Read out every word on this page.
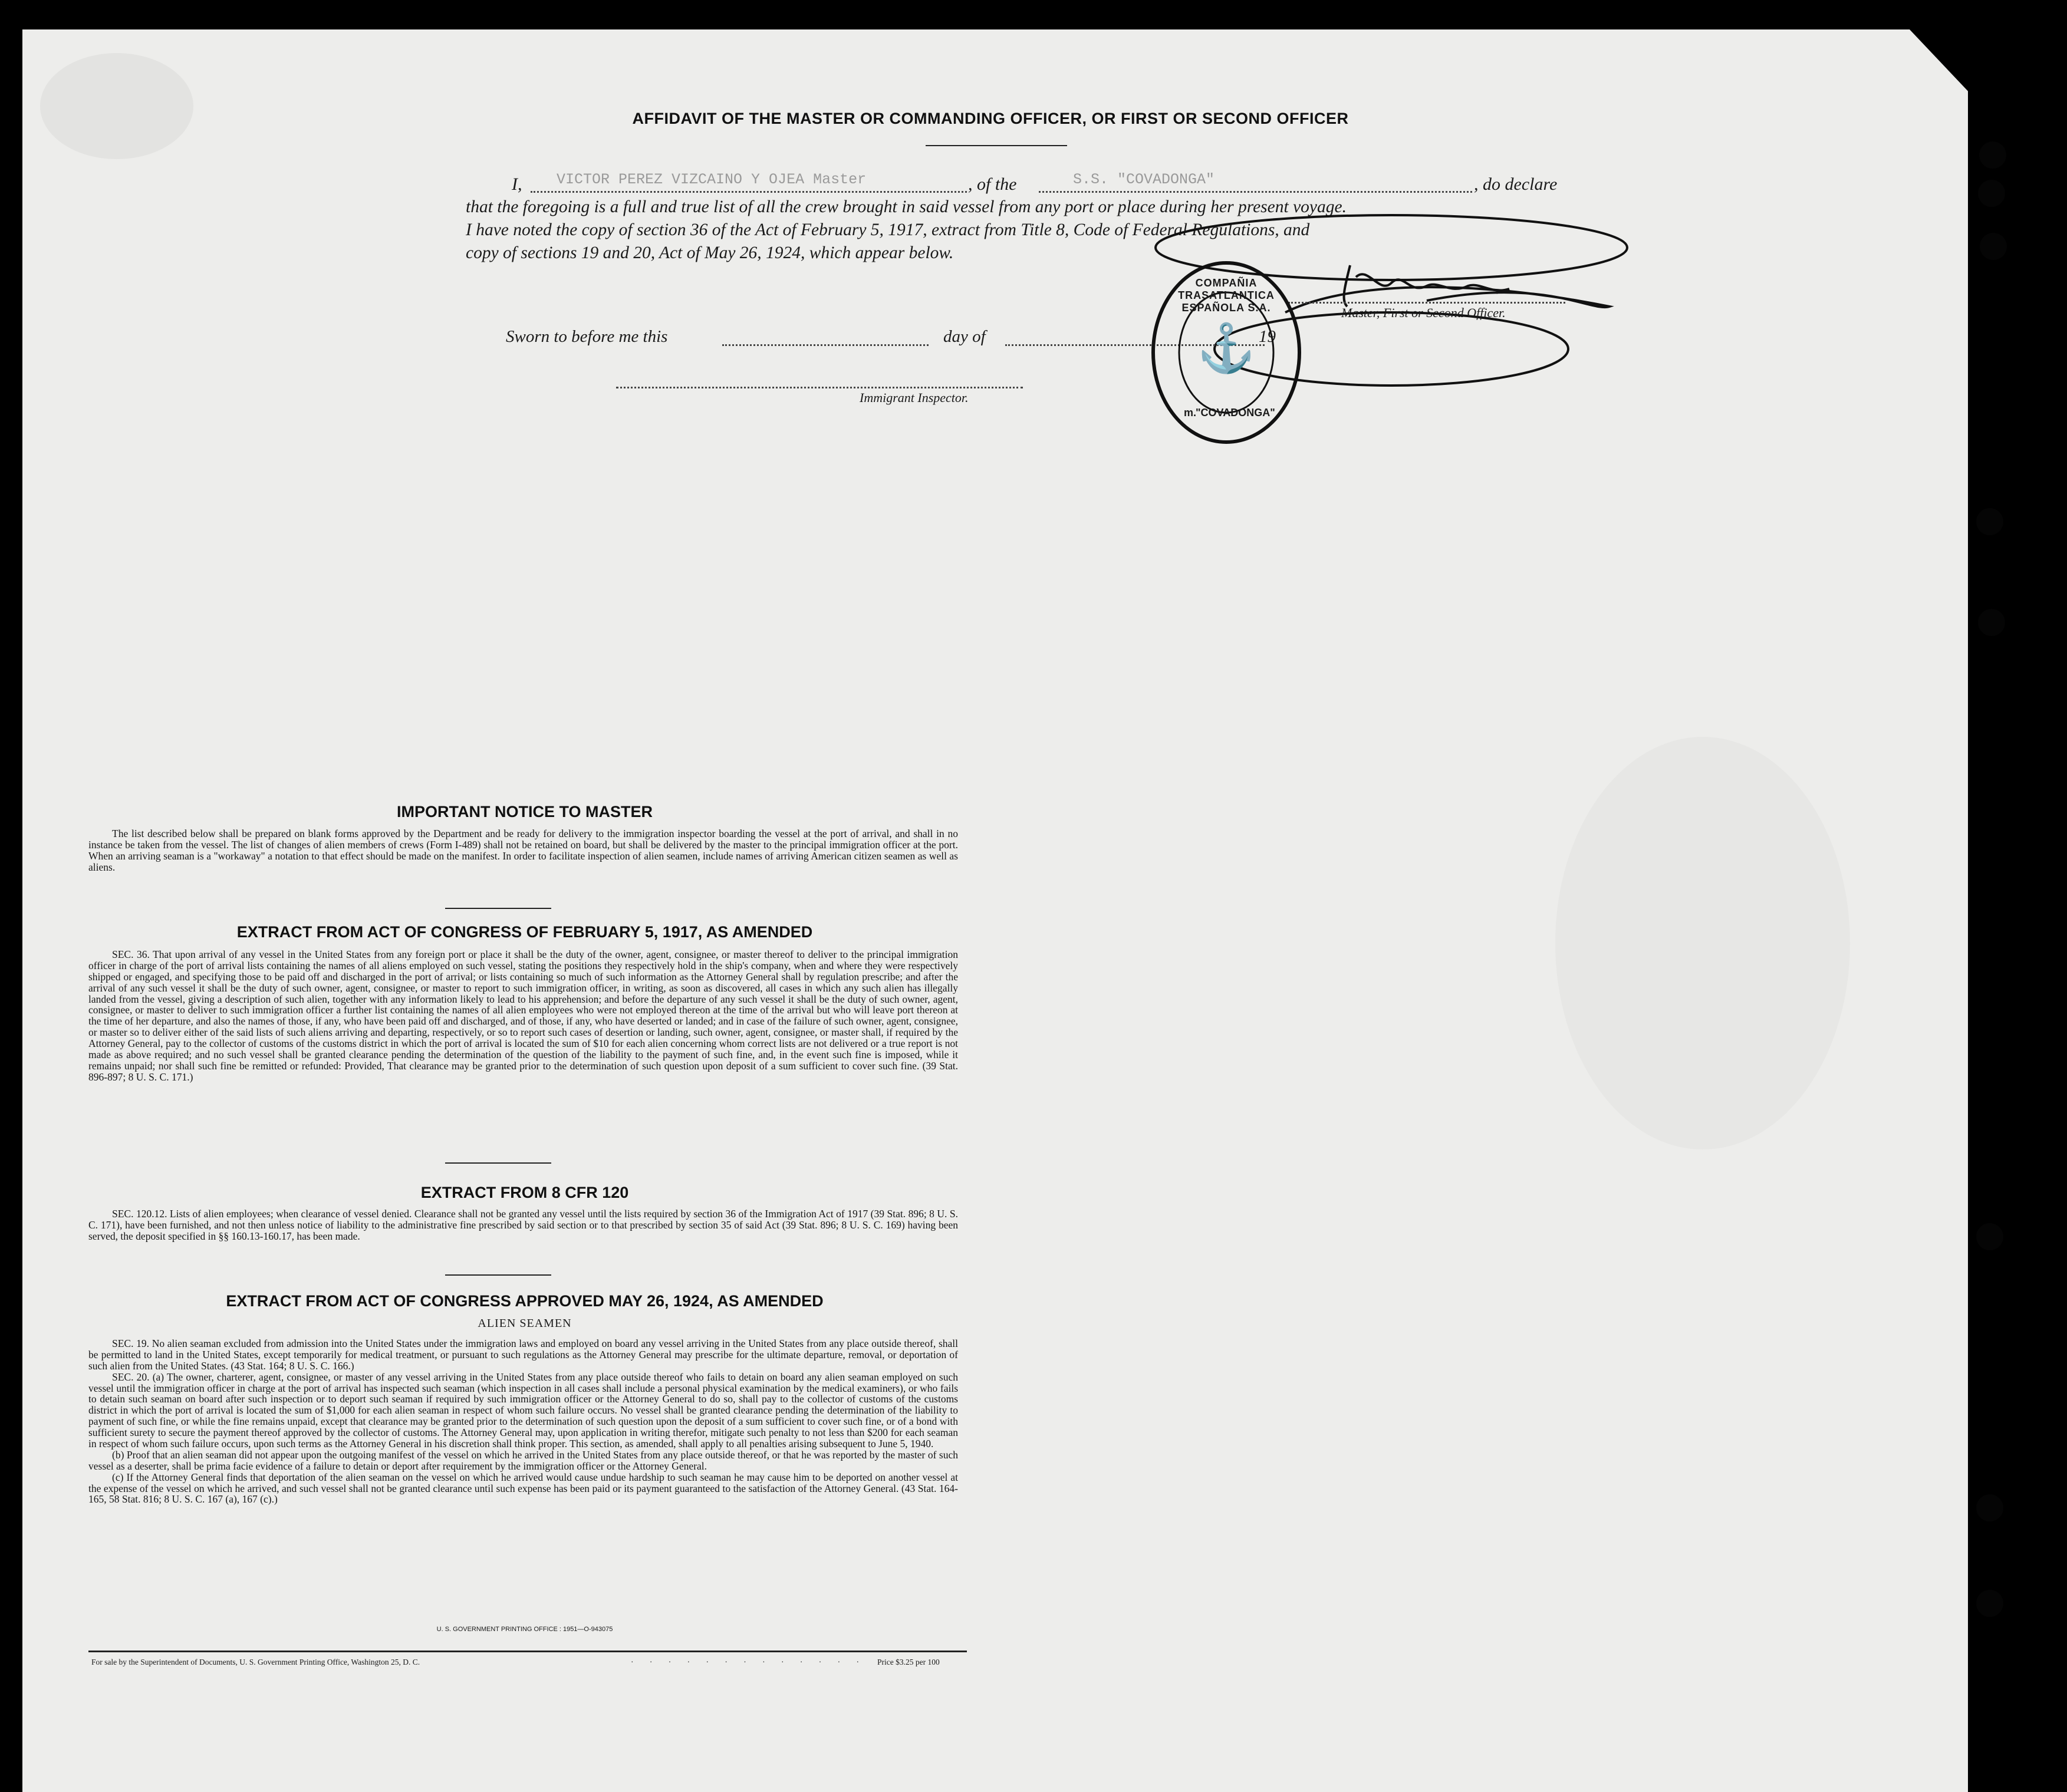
AFFIDAVIT OF THE MASTER OR COMMANDING OFFICER, OR FIRST OR SECOND OFFICER
I, VICTOR PEREZ VIZCAINO Y OJEA Master	, of the	S.S. "COVADONGA"	, do declare
that the foregoing is a full and true list of all the crew brought in said vessel from any port or place during her present voyage.
I have noted the copy of section 36 of the Act of February 5, 1917, extract from Title 8, Code of Federal Regulations, and
copy of sections 19 and 20, Act of May 26, 1924, which appear below.
Master, First or Second Officer.
Sworn to before me this	day of	19
Immigrant Inspector.
COMPAÑIA TRASATLANTICA ESPAÑOLA S.A.
⚓
m.
"COVADONGA"
IMPORTANT NOTICE TO MASTER

The list described below shall be prepared on blank forms approved by the Department and be ready for delivery to the immigration inspector boarding the vessel at the port of arrival, and shall in no instance be taken from the vessel. The list of changes of alien members of crews (Form I-489) shall not be retained on board, but shall be delivered by the master to the principal immigration officer at the port. When an arriving seaman is a "workaway" a notation to that effect should be made on the manifest. In order to facilitate inspection of alien seamen, include names of arriving American citizen seamen as well as aliens.

EXTRACT FROM ACT OF CONGRESS OF FEBRUARY 5, 1917, AS AMENDED

SEC. 36. That upon arrival of any vessel in the United States from any foreign port or place it shall be the duty of the owner, agent, consignee, or master thereof to deliver to the principal immigration officer in charge of the port of arrival lists containing the names of all aliens employed on such vessel, stating the positions they respectively hold in the ship's company, when and where they were respectively shipped or engaged, and specifying those to be paid off and discharged in the port of arrival; or lists containing so much of such information as the Attorney General shall by regulation prescribe; and after the arrival of any such vessel it shall be the duty of such owner, agent, consignee, or master to report to such immigration officer, in writing, as soon as discovered, all cases in which any such alien has illegally landed from the vessel, giving a description of such alien, together with any information likely to lead to his apprehension; and before the departure of any such vessel it shall be the duty of such owner, agent, consignee, or master to deliver to such immigration officer a further list containing the names of all alien employees who were not employed thereon at the time of the arrival but who will leave port thereon at the time of her departure, and also the names of those, if any, who have been paid off and discharged, and of those, if any, who have deserted or landed; and in case of the failure of such owner, agent, consignee, or master so to deliver either of the said lists of such aliens arriving and departing, respectively, or so to report such cases of desertion or landing, such owner, agent, consignee, or master shall, if required by the Attorney General, pay to the collector of customs of the customs district in which the port of arrival is located the sum of $10 for each alien concerning whom correct lists are not delivered or a true report is not made as above required; and no such vessel shall be granted clearance pending the determination of the question of the liability to the payment of such fine, and, in the event such fine is imposed, while it remains unpaid; nor shall such fine be remitted or refunded: Provided, That clearance may be granted prior to the determination of such question upon deposit of a sum sufficient to cover such fine. (39 Stat. 896-897; 8 U. S. C. 171.)

EXTRACT FROM 8 CFR 120

SEC. 120.12. Lists of alien employees; when clearance of vessel denied. Clearance shall not be granted any vessel until the lists required by section 36 of the Immigration Act of 1917 (39 Stat. 896; 8 U. S. C. 171), have been furnished, and not then unless notice of liability to the administrative fine prescribed by said section or to that prescribed by section 35 of said Act (39 Stat. 896; 8 U. S. C. 169) having been served, the deposit specified in §§ 160.13-160.17, has been made.

EXTRACT FROM ACT OF CONGRESS APPROVED MAY 26, 1924, AS AMENDED
ALIEN SEAMEN

SEC. 19. No alien seaman excluded from admission into the United States under the immigration laws and employed on board any vessel arriving in the United States from any place outside thereof, shall be permitted to land in the United States, except temporarily for medical treatment, or pursuant to such regulations as the Attorney General may prescribe for the ultimate departure, removal, or deportation of such alien from the United States. (43 Stat. 164; 8 U. S. C. 166.)

SEC. 20. (a) The owner, charterer, agent, consignee, or master of any vessel arriving in the United States from any place outside thereof who fails to detain on board any alien seaman employed on such vessel until the immigration officer in charge at the port of arrival has inspected such seaman (which inspection in all cases shall include a personal physical examination by the medical examiners), or who fails to detain such seaman on board after such inspection or to deport such seaman if required by such immigration officer or the Attorney General to do so, shall pay to the collector of customs of the customs district in which the port of arrival is located the sum of $1,000 for each alien seaman in respect of whom such failure occurs. No vessel shall be granted clearance pending the determination of the liability to payment of such fine, or while the fine remains unpaid, except that clearance may be granted prior to the determination of such question upon the deposit of a sum sufficient to cover such fine, or of a bond with sufficient surety to secure the payment thereof approved by the collector of customs. The Attorney General may, upon application in writing therefor, mitigate such penalty to not less than $200 for each seaman in respect of whom such failure occurs, upon such terms as the Attorney General in his discretion shall think proper. This section, as amended, shall apply to all penalties arising subsequent to June 5, 1940.

(b) Proof that an alien seaman did not appear upon the outgoing manifest of the vessel on which he arrived in the United States from any place outside thereof, or that he was reported by the master of such vessel as a deserter, shall be prima facie evidence of a failure to detain or deport after requirement by the immigration officer or the Attorney General.

(c) If the Attorney General finds that deportation of the alien seaman on the vessel on which he arrived would cause undue hardship to such seaman he may cause him to be deported on another vessel at the expense of the vessel on which he arrived, and such vessel shall not be granted clearance until such expense has been paid or its payment guaranteed to the satisfaction of the Attorney General. (43 Stat. 164-165, 58 Stat. 816; 8 U. S. C. 167 (a), 167 (c).)

U. S. GOVERNMENT PRINTING OFFICE : 1951—O-943075
For sale by the Superintendent of Documents, U. S. Government Printing Office, Washington 25, D. C.	· · · · · · · · · · · · · Price $3.25 per 100
